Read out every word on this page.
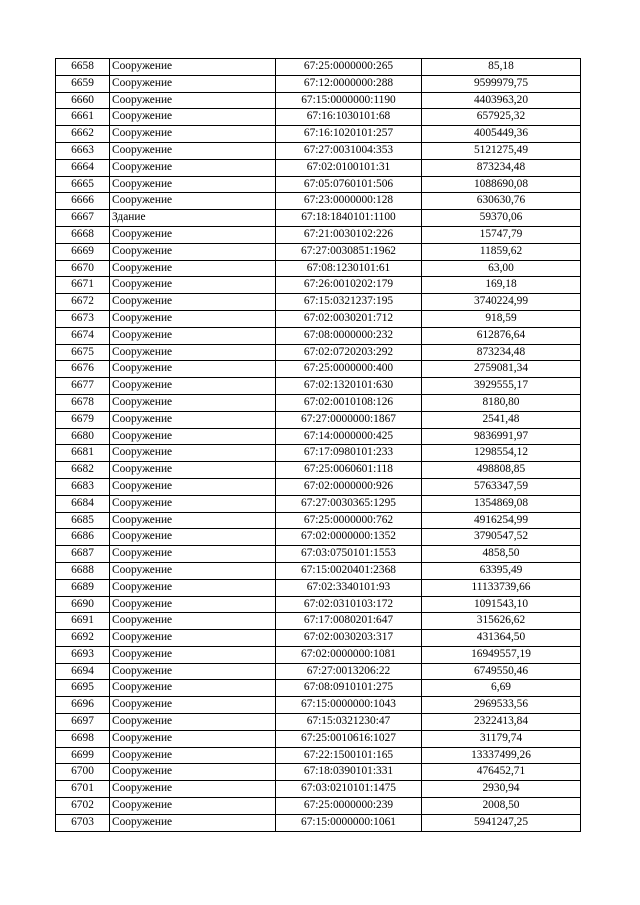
6658	Сооружение	67:25:0000000:265	85,18
6659	Сооружение	67:12:0000000:288	9599979,75
6660	Сооружение	67:15:0000000:1190	4403963,20
6661	Сооружение	67:16:1030101:68	657925,32
6662	Сооружение	67:16:1020101:257	4005449,36
6663	Сооружение	67:27:0031004:353	5121275,49
6664	Сооружение	67:02:0100101:31	873234,48
6665	Сооружение	67:05:0760101:506	1088690,08
6666	Сооружение	67:23:0000000:128	630630,76
6667	Здание	67:18:1840101:1100	59370,06
6668	Сооружение	67:21:0030102:226	15747,79
6669	Сооружение	67:27:0030851:1962	11859,62
6670	Сооружение	67:08:1230101:61	63,00
6671	Сооружение	67:26:0010202:179	169,18
6672	Сооружение	67:15:0321237:195	3740224,99
6673	Сооружение	67:02:0030201:712	918,59
6674	Сооружение	67:08:0000000:232	612876,64
6675	Сооружение	67:02:0720203:292	873234,48
6676	Сооружение	67:25:0000000:400	2759081,34
6677	Сооружение	67:02:1320101:630	3929555,17
6678	Сооружение	67:02:0010108:126	8180,80
6679	Сооружение	67:27:0000000:1867	2541,48
6680	Сооружение	67:14:0000000:425	9836991,97
6681	Сооружение	67:17:0980101:233	1298554,12
6682	Сооружение	67:25:0060601:118	498808,85
6683	Сооружение	67:02:0000000:926	5763347,59
6684	Сооружение	67:27:0030365:1295	1354869,08
6685	Сооружение	67:25:0000000:762	4916254,99
6686	Сооружение	67:02:0000000:1352	3790547,52
6687	Сооружение	67:03:0750101:1553	4858,50
6688	Сооружение	67:15:0020401:2368	63395,49
6689	Сооружение	67:02:3340101:93	11133739,66
6690	Сооружение	67:02:0310103:172	1091543,10
6691	Сооружение	67:17:0080201:647	315626,62
6692	Сооружение	67:02:0030203:317	431364,50
6693	Сооружение	67:02:0000000:1081	16949557,19
6694	Сооружение	67:27:0013206:22	6749550,46
6695	Сооружение	67:08:0910101:275	6,69
6696	Сооружение	67:15:0000000:1043	2969533,56
6697	Сооружение	67:15:0321230:47	2322413,84
6698	Сооружение	67:25:0010616:1027	31179,74
6699	Сооружение	67:22:1500101:165	13337499,26
6700	Сооружение	67:18:0390101:331	476452,71
6701	Сооружение	67:03:0210101:1475	2930,94
6702	Сооружение	67:25:0000000:239	2008,50
6703	Сооружение	67:15:0000000:1061	5941247,25
